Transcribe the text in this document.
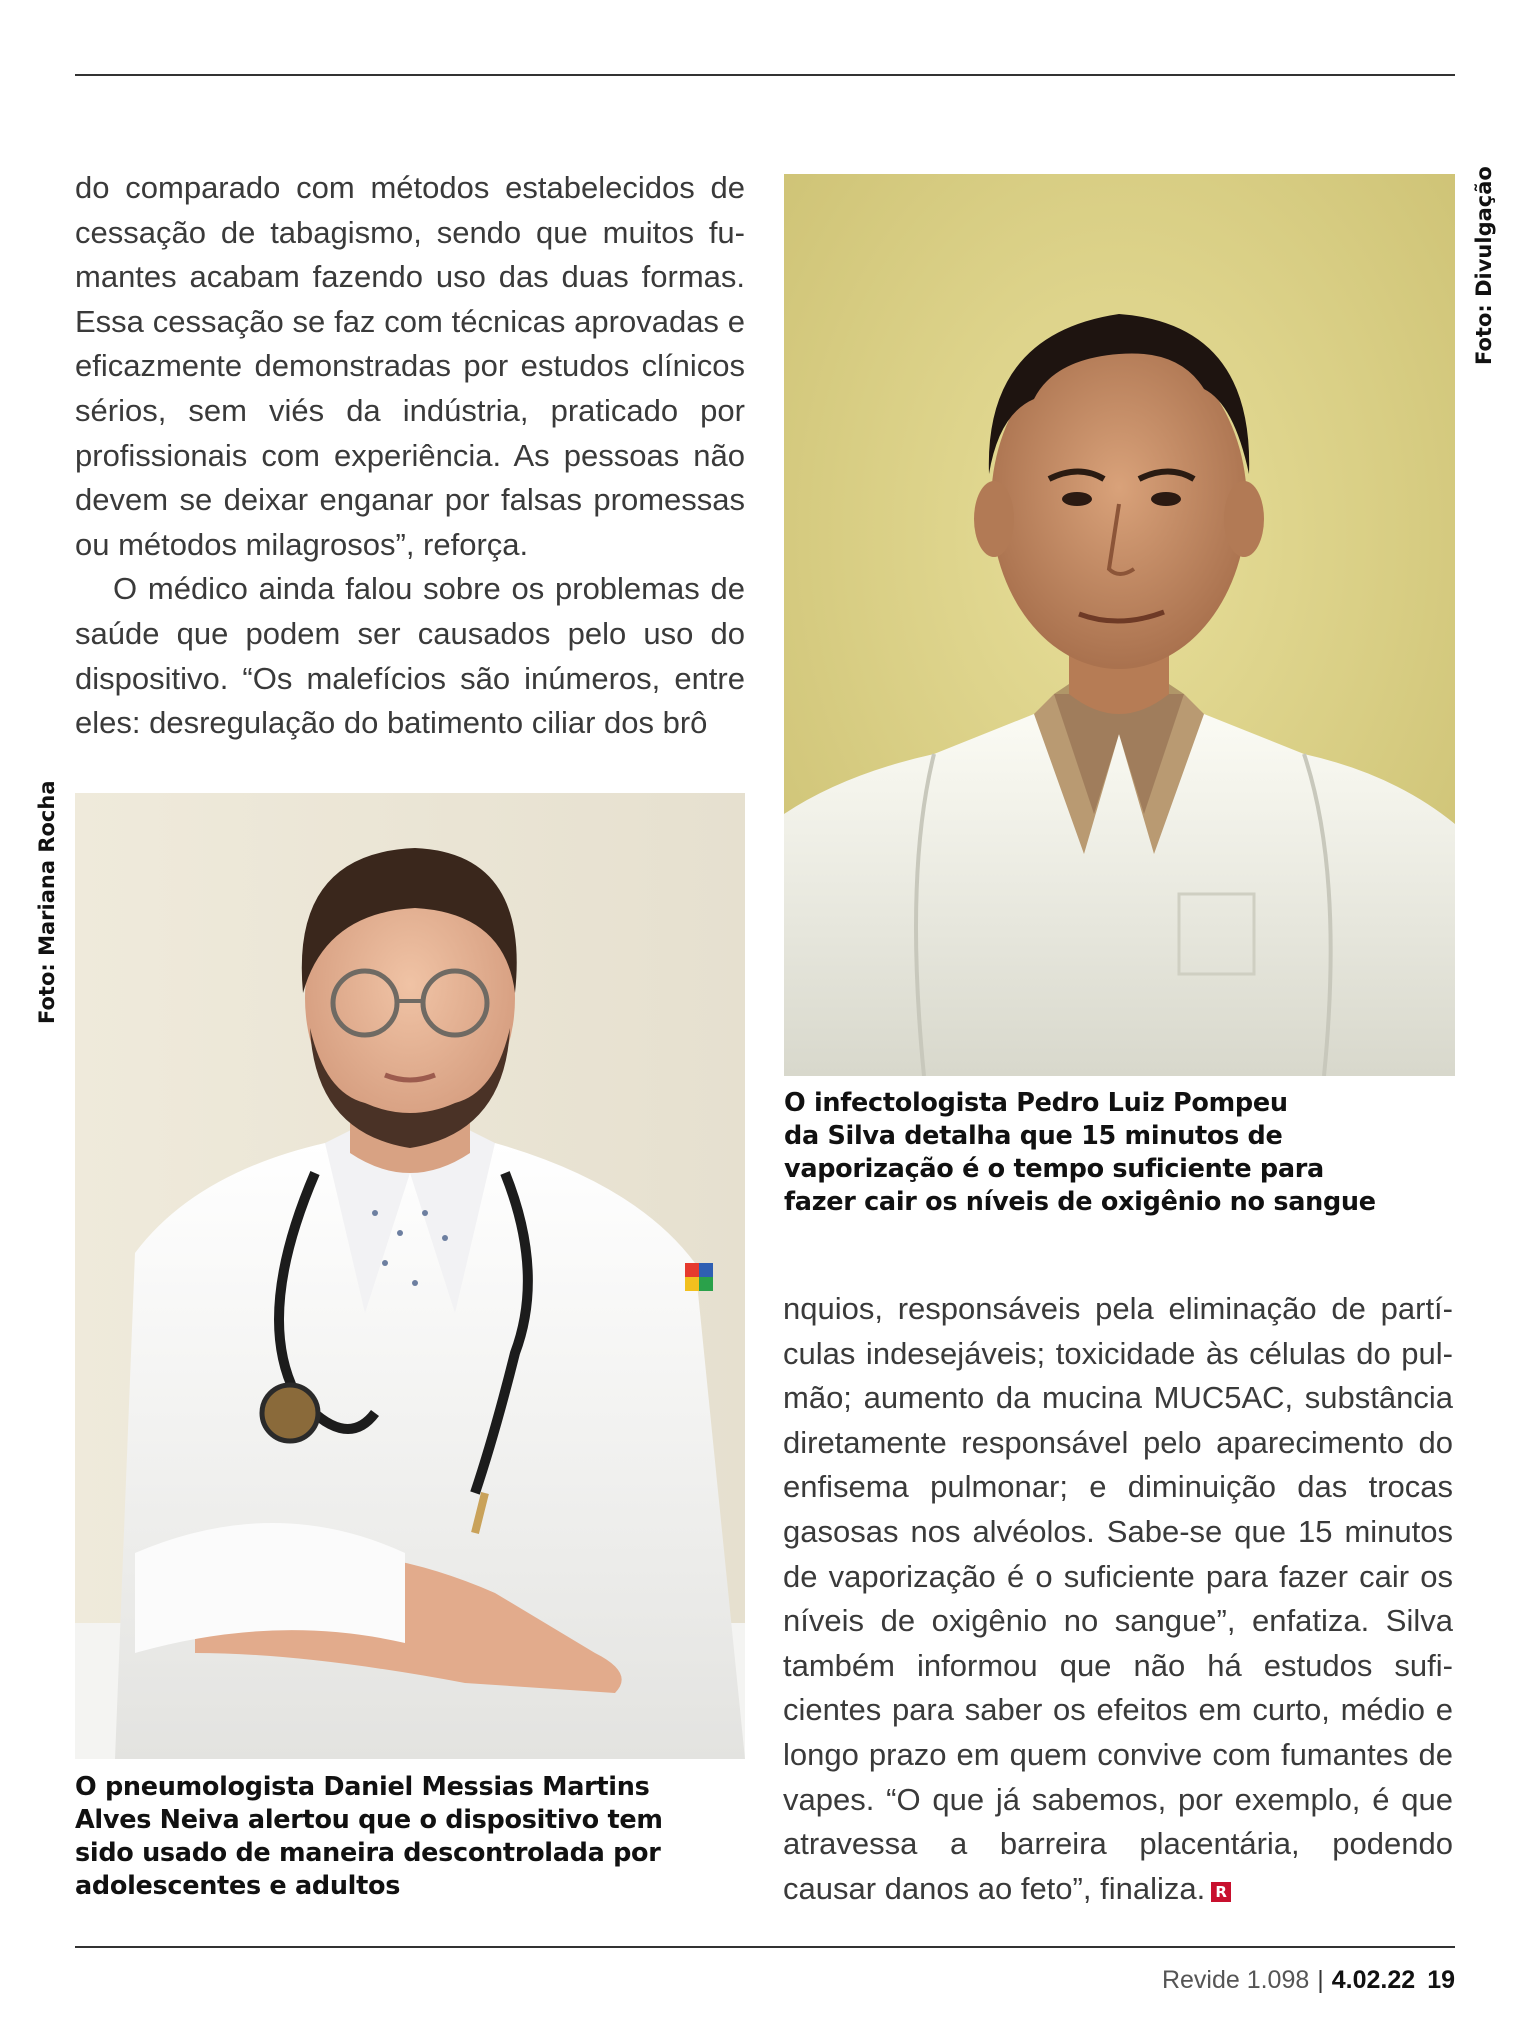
do comparado com métodos estabelecidos de cessação de tabagismo, sendo que muitos fumantes acabam fazendo uso das duas formas. Essa cessação se faz com técnicas aprovadas e eficazmente demonstradas por estudos clínicos sérios, sem viés da indústria, praticado por profissionais com experiência. As pessoas não devem se deixar enganar por falsas promessas ou métodos milagrosos”, reforça.

O médico ainda falou sobre os problemas de saúde que podem ser causados pelo uso do dispositivo. “Os malefícios são inúmeros, entre eles: desregulação do batimento ciliar dos brô

Foto: Divulgação
O infectologista Pedro Luiz Pompeu
da Silva detalha que 15 minutos de
vaporização é o tempo suficiente para
fazer cair os níveis de oxigênio no sangue
Foto: Mariana Rocha
O pneumologista Daniel Messias Martins
Alves Neiva alertou que o dispositivo tem
sido usado de maneira descontrolada por
adolescentes e adultos

nquios, responsáveis pela eliminação de partículas indesejáveis; toxicidade às células do pulmão; aumento da mucina MUC5AC, substância diretamente responsável pelo aparecimento do enfisema pulmonar; e diminuição das trocas gasosas nos alvéolos. Sabe-se que 15 minutos de vaporização é o suficiente para fazer cair os níveis de oxigênio no sangue”, enfatiza. Silva também informou que não há estudos suficientes para saber os efeitos em curto, médio e longo prazo em quem convive com fumantes de vapes. “O que já sabemos, por exemplo, é que atravessa a barreira placentária, podendo causar danos ao feto”, finaliza. R

Revide 1.098 | 4.02.22 19
